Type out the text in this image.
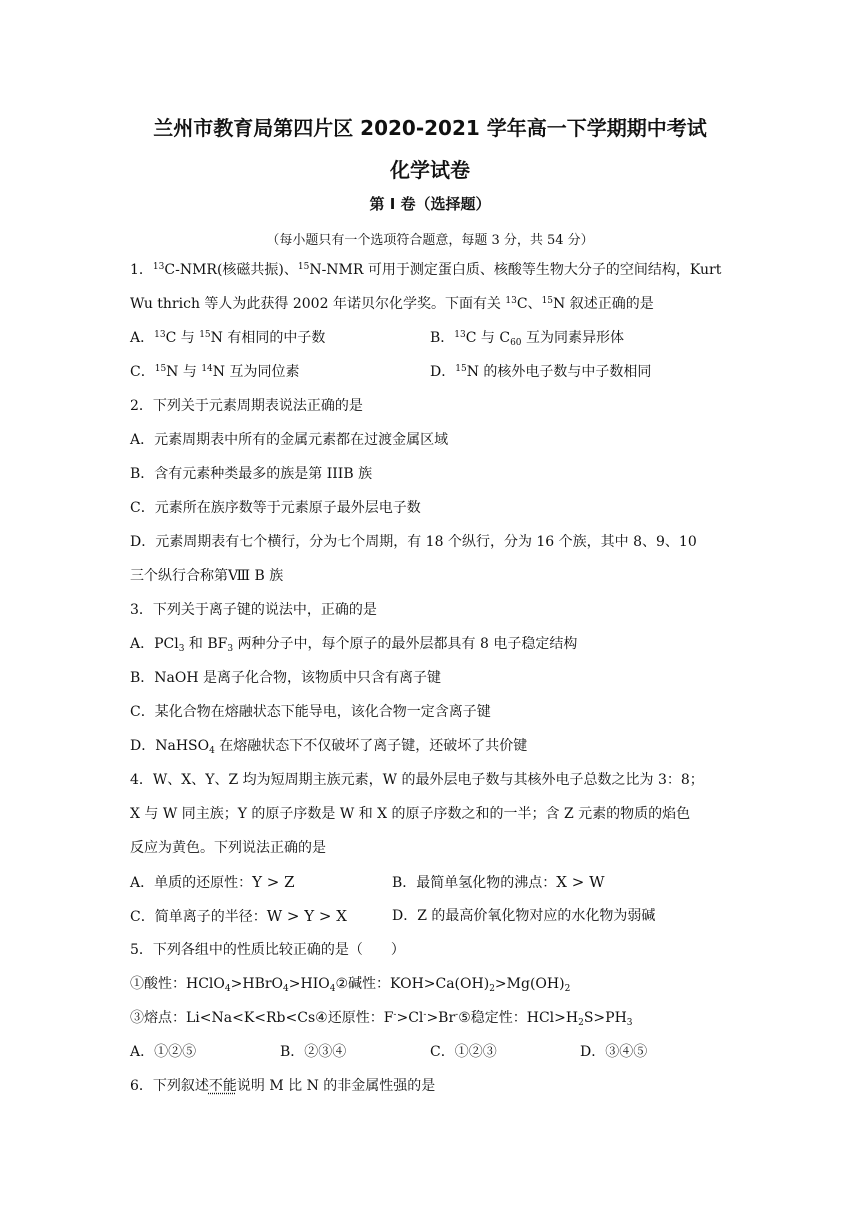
兰州市教育局第四片区 2020-2021 学年高一下学期期中考试
化学试卷
第 I 卷（选择题）
（每小题只有一个选项符合题意，每题 3 分，共 54 分）
1．$^{13}$C-NMR(核磁共振)、$^{15}$N-NMR 可用于测定蛋白质、核酸等生物大分子的空间结构，Kurt
Wu thrich 等人为此获得 2002 年诺贝尔化学奖。下面有关 $^{13}$C、$^{15}$N 叙述正确的是
A．$^{13}$C 与 $^{15}$N 有相同的中子数	B．$^{13}$C 与 $C_{60}$ 互为同素异形体
C．$^{15}$N 与 $^{14}$N 互为同位素	D．$^{15}$N 的核外电子数与中子数相同
2．下列关于元素周期表说法正确的是
A．元素周期表中所有的金属元素都在过渡金属区域
B．含有元素种类最多的族是第 IIIB 族
C．元素所在族序数等于元素原子最外层电子数
D．元素周期表有七个横行，分为七个周期，有 18 个纵行，分为 16 个族，其中 8、9、10
三个纵行合称第Ⅷ B 族
3．下列关于离子键的说法中，正确的是
A．PCl$_3$ 和 $BF_3$ 两种分子中，每个原子的最外层都具有 8 电子稳定结构
B．NaOH 是离子化合物，该物质中只含有离子键
C．某化合物在熔融状态下能导电，该化合物一定含离子键
D．NaHSO$_4$ 在熔融状态下不仅破坏了离子键，还破坏了共价键
4．W、X、Y、Z 均为短周期主族元素，W 的最外层电子数与其核外电子总数之比为 3：8；
X 与 W 同主族；Y 的原子序数是 W 和 X 的原子序数之和的一半；含 Z 元素的物质的焰色
反应为黄色。下列说法正确的是
A．单质的还原性：Y > Z	B．最简单氢化物的沸点：X > W
C．简单离子的半径：W > Y > X	D．Z 的最高价氧化物对应的水化物为弱碱
5．下列各组中的性质比较正确的是（　　）
①酸性：$HClO_4>HBrO_4>HIO_4②$碱性：$KOH>Ca(OH)_2>Mg(OH)_2$
③熔点：Li<Na<K<Rb<Cs④还原性：F->Cl->Br-⑤稳定性：$HCl>H_2S>PH_3$
A．①②⑤	B．②③④	C．①②③	D．③④⑤
6．下列叙述不能说明 M 比 N 的非金属性强的是
